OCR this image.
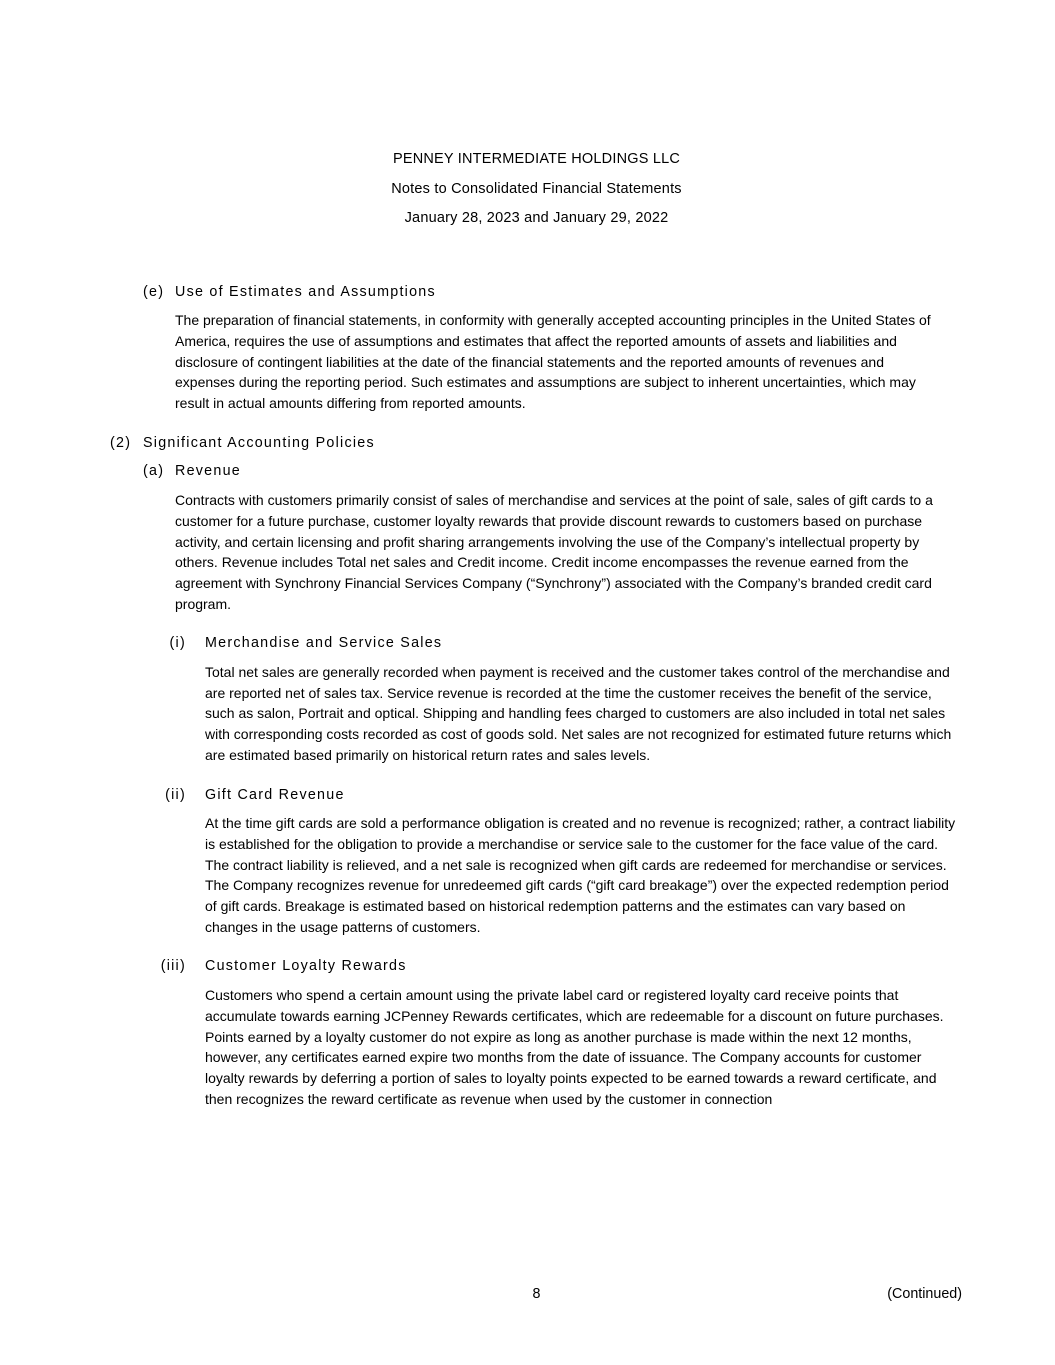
PENNEY INTERMEDIATE HOLDINGS LLC
Notes to Consolidated Financial Statements
January 28, 2023 and January 29, 2022
(e) Use of Estimates and Assumptions

The preparation of financial statements, in conformity with generally accepted accounting principles in the United States of America, requires the use of assumptions and estimates that affect the reported amounts of assets and liabilities and disclosure of contingent liabilities at the date of the financial statements and the reported amounts of revenues and expenses during the reporting period. Such estimates and assumptions are subject to inherent uncertainties, which may result in actual amounts differing from reported amounts.

(2) Significant Accounting Policies
(a) Revenue

Contracts with customers primarily consist of sales of merchandise and services at the point of sale, sales of gift cards to a customer for a future purchase, customer loyalty rewards that provide discount rewards to customers based on purchase activity, and certain licensing and profit sharing arrangements involving the use of the Company’s intellectual property by others. Revenue includes Total net sales and Credit income. Credit income encompasses the revenue earned from the agreement with Synchrony Financial Services Company (“Synchrony”) associated with the Company’s branded credit card program.

(i) Merchandise and Service Sales

Total net sales are generally recorded when payment is received and the customer takes control of the merchandise and are reported net of sales tax. Service revenue is recorded at the time the customer receives the benefit of the service, such as salon, Portrait and optical. Shipping and handling fees charged to customers are also included in total net sales with corresponding costs recorded as cost of goods sold. Net sales are not recognized for estimated future returns which are estimated based primarily on historical return rates and sales levels.

(ii) Gift Card Revenue

At the time gift cards are sold a performance obligation is created and no revenue is recognized; rather, a contract liability is established for the obligation to provide a merchandise or service sale to the customer for the face value of the card. The contract liability is relieved, and a net sale is recognized when gift cards are redeemed for merchandise or services. The Company recognizes revenue for unredeemed gift cards (“gift card breakage”) over the expected redemption period of gift cards. Breakage is estimated based on historical redemption patterns and the estimates can vary based on changes in the usage patterns of customers.

(iii) Customer Loyalty Rewards

Customers who spend a certain amount using the private label card or registered loyalty card receive points that accumulate towards earning JCPenney Rewards certificates, which are redeemable for a discount on future purchases. Points earned by a loyalty customer do not expire as long as another purchase is made within the next 12 months, however, any certificates earned expire two months from the date of issuance. The Company accounts for customer loyalty rewards by deferring a portion of sales to loyalty points expected to be earned towards a reward certificate, and then recognizes the reward certificate as revenue when used by the customer in connection

8	(Continued)
